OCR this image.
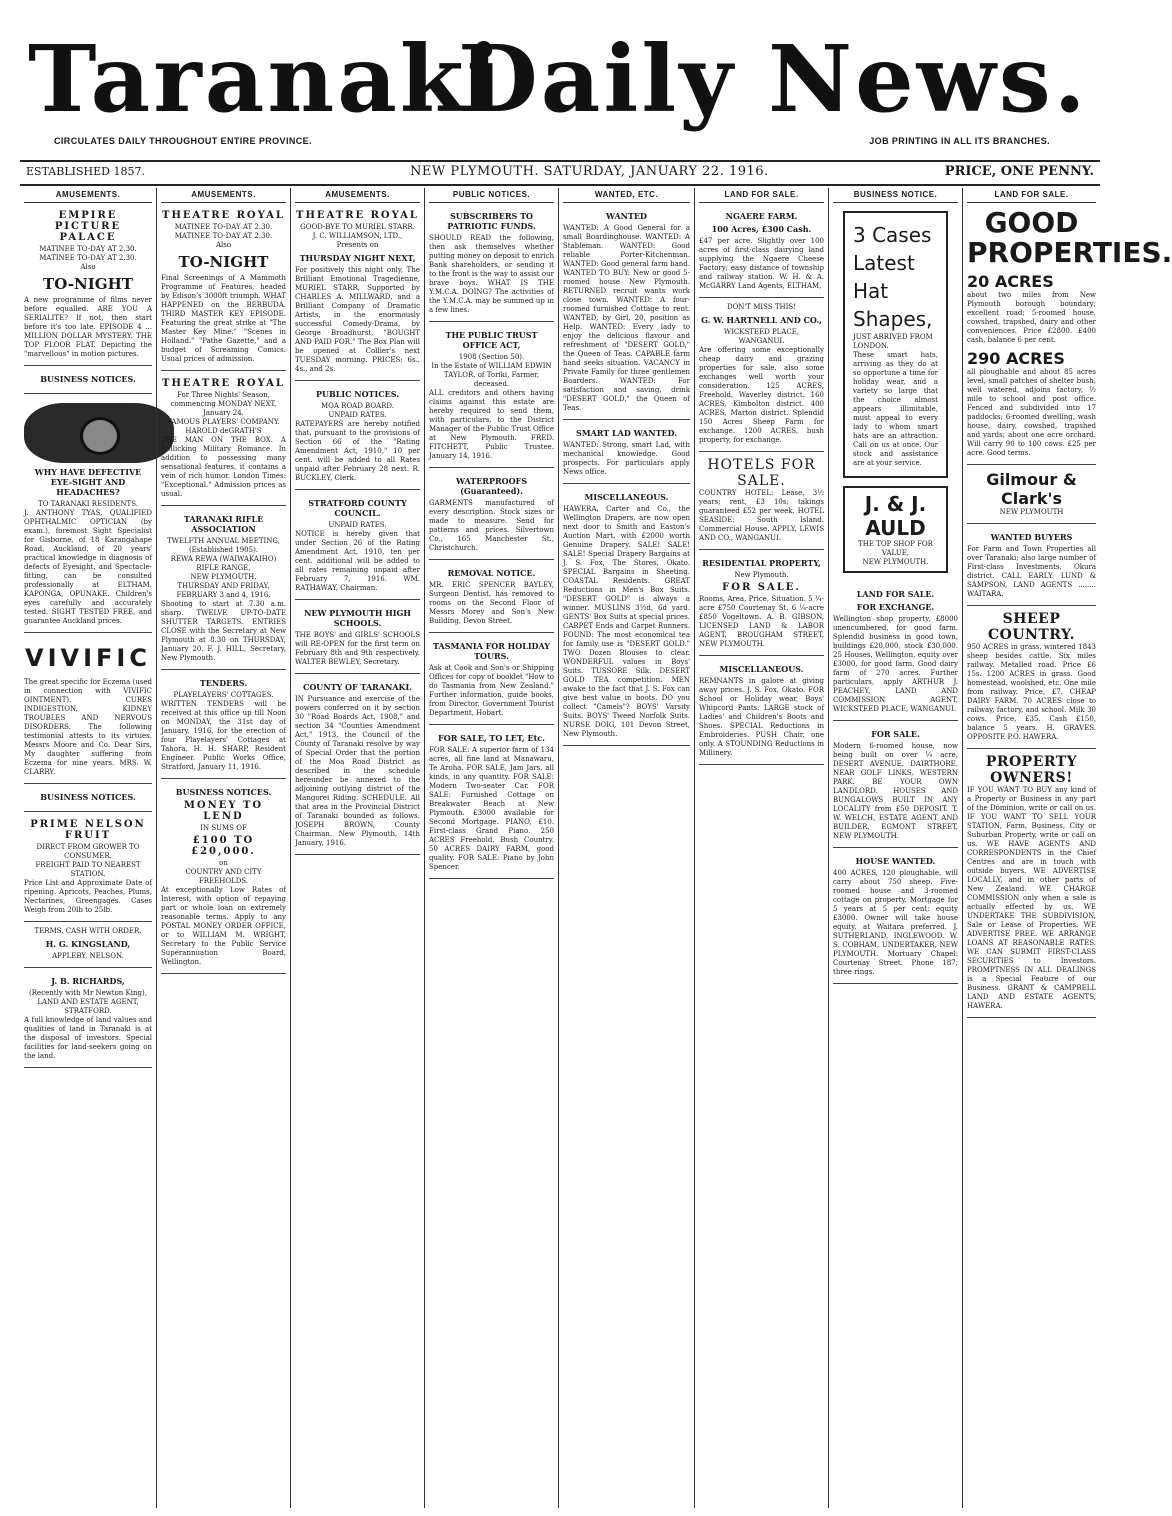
Taranaki
Daily News.
CIRCULATES DAILY THROUGHOUT ENTIRE PROVINCE.	JOB PRINTING IN ALL ITS BRANCHES.
ESTABLISHED 1857.	NEW PLYMOUTH. SATURDAY, JANUARY 22. 1916.	PRICE, ONE PENNY.
AMUSEMENTS.
EMPIRE PICTURE PALACE
MATINEE TO-DAY AT 2.30.
MATINEE TO-DAY AT 2.30.
Also
TO-NIGHT
A new programme of films never before equalled. ARE YOU A SERIALITE? If not, then start before it's too late. EPISODE 4 ... MILLION DOLLAR MYSTERY. THE TOP FLOOR FLAT. Depicting the "marvellous" in motion pictures.
BUSINESS NOTICES.
WHY HAVE DEFECTIVE EYE-SIGHT AND HEADACHES?
TO TARANAKI RESIDENTS.
J. ANTHONY TYAS, QUALIFIED OPHTHALMIC OPTICIAN (by exam.), foremost Sight Specialist for Gisborne, of 18 Karangahape Road, Auckland, of 20 years' practical knowledge in diagnosis of defects of Eyesight, and Spectacle-fitting, can be consulted professionally at ELTHAM, KAPONGA, OPUNAKE. Children's eyes carefully and accurately tested. SIGHT TESTED FREE, and guarantee Auckland prices.
VIVIFIC
The great specific for Eczema (used in connection with VIVIFIC OINTMENT). CURES INDIGESTION, KIDNEY TROUBLES AND NERVOUS DISORDERS. The following testimonial attests to its virtues. Messrs Moore and Co. Dear Sirs, My daughter suffering from Eczema for nine years. MRS. W. CLARRY.
BUSINESS NOTICES.
PRIME NELSON FRUIT
DIRECT FROM GROWER TO CONSUMER.
FREIGHT PAID TO NEAREST STATION.
Price List and Approximate Date of ripening. Apricots, Peaches, Plums, Nectarines, Greengages. Cases Weigh from 20lb to 25lb.
TERMS, CASH WITH ORDER.
H. G. KINGSLAND,
APPLEBY, NELSON.
J. B. RICHARDS,
(Recently with Mr Newton King),
LAND AND ESTATE AGENT,
STRATFORD.
A full knowledge of land values and qualities of land in Taranaki is at the disposal of investors. Special facilities for land-seekers going on the land.
AMUSEMENTS.
THEATRE ROYAL
MATINEE TO-DAY AT 2.30.
MATINEE TO-DAY AT 2.30.
Also
TO-NIGHT
Final Screenings of A Mammoth Programme of Features, headed by Edison's 3000ft triumph. WHAT HAPPENED on the BERBUDA. THIRD MASTER KEY EPISODE. Featuring the great strike at "The Master Key Mine." "Scenes in Holland." "Pathe Gazette," and a budget of Screaming Comics. Usual prices of admission.
THEATRE ROYAL
For Three Nights' Season, commencing MONDAY NEXT, January 24.
FAMOUS PLAYERS' COMPANY.
HAROLD deGRATH'S
THE MAN ON THE BOX. A Rollicking Military Romance. In addition to possessing many sensational features, it contains a vein of rich humor. London Times: "Exceptional." Admission prices as usual.
TARANAKI RIFLE ASSOCIATION
TWELFTH ANNUAL MEETING,
(Established 1905).
REWA REWA (WAIWAKAIHO) RIFLE RANGE,
NEW PLYMOUTH,
THURSDAY AND FRIDAY,
FEBRUARY 3 and 4, 1916.
Shooting to start at 7.30 a.m. sharp. TWELVE UP-TO-DATE SHUTTER TARGETS. ENTRIES CLOSE with the Secretary at New Plymouth at 8.30 on THURSDAY, January 20. F. J. HILL, Secretary, New Plymouth.
TENDERS.
PLAYELAYERS' COTTAGES.
WRITTEN TENDERS will be received at this office up till Noon on MONDAY, the 31st day of January, 1916, for the erection of four Playelayers' Cottages at Tahora. H. H. SHARP, Resident Engineer. Public Works Office, Stratford, January 11, 1916.
BUSINESS NOTICES.
MONEY TO LEND
IN SUMS OF
£100 TO £20,000.
on
COUNTRY AND CITY FREEHOLDS.
At exceptionally Low Rates of Interest, with option of repaying part or whole loan on extremely reasonable terms. Apply to any POSTAL MONEY ORDER OFFICE, or to WILLIAM M. WRIGHT, Secretary to the Public Service Superannuation Board, Wellington.
AMUSEMENTS.
THEATRE ROYAL
GOOD-BYE TO MURIEL STARR.
J. C. WILLIAMSON, LTD.,
Presents on
THURSDAY NIGHT NEXT,
For positively this night only, The Brilliant Emotional Tragedienne, MURIEL STARR, Supported by CHARLES A. MILLWARD, and a Brilliant Company of Dramatic Artists, in the enormously successful Comedy-Drama, by George Broadhurst, "BOUGHT AND PAID FOR." The Box Plan will be opened at Collier's next TUESDAY morning. PRICES: 6s., 4s., and 2s.
PUBLIC NOTICES.
MOA ROAD BOARD.
UNPAID RATES.
RATEPAYERS are hereby notified that, pursuant to the provisions of Section 66 of the "Rating Amendment Act, 1910," 10 per cent. will be added to all Rates unpaid after February 28 next. R. BUCKLEY, Clerk.
STRATFORD COUNTY COUNCIL.
UNPAID RATES.
NOTICE is hereby given that under Section 26 of the Rating Amendment Act, 1910, ten per cent. additional will be added to all rates remaining unpaid after February 7, 1916. WM. RATHAWAY, Chairman.
NEW PLYMOUTH HIGH SCHOOLS.
THE BOYS' and GIRLS' SCHOOLS will RE-OPEN for the first term on February 8th and 9th respectively. WALTER BEWLEY, Secretary.
COUNTY OF TARANAKI.
IN Pursuance and exercise of the powers conferred on it by section 30 "Road Boards Act, 1908," and section 34 "Counties Amendment Act," 1913, the Council of the County of Taranaki resolve by way of Special Order that the portion of the Moa Road District as described in the schedule hereunder be annexed to the adjoining outlying district of the Mangorei Riding. SCHEDULE. All that area in the Provincial District of Taranaki bounded as follows. JOSEPH BROWN, County Chairman. New Plymouth, 14th January, 1916.
PUBLIC NOTICES.
SUBSCRIBERS TO PATRIOTIC FUNDS.
SHOULD READ the following, then ask themselves whether putting money on deposit to enrich Bank shareholders, or sending it to the front is the way to assist our brave boys. WHAT IS THE Y.M.C.A. DOING? The activities of the Y.M.C.A. may be summed up in a few lines.
THE PUBLIC TRUST OFFICE ACT,
1908 (Section 50).
In the Estate of WILLIAM EDWIN TAYLOR, of Toriki, Farmer, deceased.
ALL creditors and others having claims against this estate are hereby required to send them, with particulars, to the District Manager of the Public Trust Office at New Plymouth. FRED. FITCHETT, Public Trustee. January 14, 1916.
WATERPROOFS (Guaranteed).
GARMENTS manufactured of every description. Stock sizes or made to measure. Send for patterns and prices. Silvertown Co., 165 Manchester St., Christchurch.
REMOVAL NOTICE.
MR. ERIC SPENCER BAYLEY, Surgeon Dentist, has removed to rooms on the Second Floor of Messrs Morey and Son's New Building, Devon Street.
TASMANIA FOR HOLIDAY TOURS.
Ask at Cook and Son's or Shipping Offices for copy of booklet "How to do Tasmania from New Zealand." Further information, guide books, from Director, Government Tourist Department, Hobart.
FOR SALE, TO LET, Etc.
FOR SALE: A superior farm of 134 acres, all fine land at Manawaru, Te Aroha. FOR SALE, Jam Jars, all kinds, in any quantity. FOR SALE: Modern Two-seater Car. FOR SALE: Furnished Cottage on Breakwater Beach at New Plymouth. £3000 available for Second Mortgage. PIANO, £10. First-class Grand Piano. 250 ACRES Freehold, Bush Country. 50 ACRES DAIRY FARM, good quality. FOR SALE: Piano by John Spencer.
WANTED, ETC.
WANTED
WANTED: A Good General for a small Boardinghouse. WANTED: A Stableman. WANTED: Good reliable Porter-Kitchenman. WANTED: Good general farm hand. WANTED TO BUY: New or good 5-roomed house New Plymouth. RETURNED recruit wants work close town. WANTED: A four-roomed furnished Cottage to rent. WANTED, by Girl, 20, position as Help. WANTED: Every lady to enjoy the delicious flavour and refreshment of "DESERT GOLD," the Queen of Teas. CAPABLE farm hand seeks situation. VACANCY in Private Family for three gentlemen Boarders. WANTED: For satisfaction and saving, drink "DESERT GOLD," the Queen of Teas.
SMART LAD WANTED.
WANTED: Strong, smart Lad, with mechanical knowledge. Good prospects. For particulars apply News office.
MISCELLANEOUS.
HAWERA, Carter and Co., the Wellington Drapers, are now open next door to Smith and Easton's Auction Mart, with £2000 worth Genuine Drapery. SALE! SALE! SALE! Special Drapery Bargains at J. S. Fox, The Stores, Okato. SPECIAL Bargains in Sheeting. COASTAL Residents. GREAT Reductions in Men's Box Suits. "DESERT GOLD" is always a winner. MUSLINS 3½d, 6d yard. GENTS' Box Suits at special prices. CARPET Ends and Carpet Runners. FOUND: The most economical tea for family use is "DESERT GOLD." TWO Dozen Blouses to clear. WONDERFUL values in Boys' Suits. TUSSORE Silk. DESERT GOLD TEA competition. MEN awake to the fact that J. S. Fox can give best value in boots. DO you collect "Camels"? BOYS' Varsity Suits. BOYS' Tweed Norfolk Suits. NURSE DOIG, 101 Devon Street, New Plymouth.
LAND FOR SALE.
NGAERE FARM.
100 Acres, £300 Cash.
£47 per acre. Slightly over 100 acres of first-class dairying land supplying the Ngaere Cheese Factory; easy distance of township and railway station. W. H. & A. McGARRY Land Agents, ELTHAM,
DON'T MISS THIS!
G. W. HARTNELL AND CO.,
WICKSTEED PLACE,
WANGANUI.
Are offering some exceptionally cheap dairy and grazing properties for sale, also some exchanges well worth your consideration. 125 ACRES, Freehold, Waverley district. 160 ACRES, Kimbolton district. 400 ACRES, Marton district. Splendid 150 Acres Sheep Farm for exchange. 1200 ACRES, bush property, for exchange.
HOTELS FOR SALE.
COUNTRY HOTEL: Lease, 3½ years; rent, £3 10s; takings guaranteed £52 per week. HOTEL SEASIDE: South Island. Commercial House. APPLY, LEWIS AND CO., WANGANUI.
RESIDENTIAL PROPERTY,
New Plymouth.
FOR SALE.
Rooms, Area, Price, Situation. 5 ¼-acre £750 Courtenay St. 6 ¼-acre £850 Vogeltown. A. B. GIBSON, LICENSED LAND & LABOR AGENT, BROUGHAM STREET, NEW PLYMOUTH.
MISCELLANEOUS.
REMNANTS in galore at giving away prices. J. S. Fox, Okato. FOR School or Holiday wear, Boys' Whipcord Pants. LARGE stock of Ladies' and Children's Boots and Shoes. SPECIAL Reductions in Embroideries. PUSH Chair, one only. A STOUNDING Reductions in Millinery.
BUSINESS NOTICE.
3 Cases Latest Hat Shapes,
JUST ARRIVED FROM LONDON.
These smart hats, arriving as they do at so opportune a time for holiday wear, and a variety so large that the choice almost appears illimitable, must appeal to every lady to whom smart hats are an attraction. Call on us at once. Our stock and assistance are at your service.
J. & J. AULD
THE TOP SHOP FOR VALUE,
NEW PLYMOUTH.
LAND FOR SALE.
FOR EXCHANGE.
Wellington shop property, £8000 unencumbered, for good farm. Splendid business in good town, buildings £20,000, stock £30,000. 25 Houses, Wellington, equity over £3000, for good farm. Good dairy farm of 270 acres. Further particulars, apply ARTHUR J. PEACHEY, LAND AND COMMISSION AGENT, WICKSTEED PLACE, WANGANUI.
FOR SALE.
Modern 6-roomed house, now being built on over ¼ acre, DESERT AVENUE, DAIRTHORE. NEAR GOLF LINKS, WESTERN PARK. BE YOUR OWN LANDLORD. HOUSES AND BUNGALOWS BUILT IN ANY LOCALITY from £50 DEPOSIT. T. W. WELCH, ESTATE AGENT AND BUILDER, EGMONT STREET, NEW PLYMOUTH.
HOUSE WANTED.
400 ACRES, 120 ploughable, will carry about 750 sheep. Five-roomed house and 3-roomed cottage on property. Mortgage for 5 years at 5 per cent; equity £3000. Owner will take house equity, at Waitara preferred. J. SUTHERLAND, INGLEWOOD. W. S. COBHAM, UNDERTAKER, NEW PLYMOUTH. Mortuary Chapel: Courtenay Street. Phone 187; three rings.
LAND FOR SALE.
GOOD PROPERTIES.
20 ACRES
about two miles from New Plymouth borough boundary; excellent road; 5-roomed house, cowshed, trapshed, dairy and other conveniences. Price £2800. £400 cash, balance 6 per cent.
290 ACRES
all ploughable and about 85 acres level, small patches of shelter bush, well watered, adjoins factory, ½ mile to school and post office. Fenced and subdivided into 17 paddocks; 6-roomed dwelling, wash house, dairy, cowshed, trapshed and yards; about one acre orchard. Will carry 90 to 100 cows. £25 per acre. Good terms.
Gilmour & Clark's
NEW PLYMOUTH
WANTED BUYERS
For Farm and Town Properties all over Taranaki; also large number of First-class Investments, Okura district. CALL EARLY. LUND & SAMPSON, LAND AGENTS ........ WAITARA.
SHEEP COUNTRY.
950 ACRES in grass, wintered 1843 sheep besides cattle. Six miles railway. Metalled road. Price £6 15s. 1200 ACRES in grass. Good homestead, woolshed, etc. One mile from railway. Price, £7. CHEAP DAIRY FARM. 70 ACRES close to railway, factory, and school. Milk 30 cows. Price, £35. Cash £150, balance 5 years. H. GRAVES. OPPOSITE P.O. HAWERA.
PROPERTY OWNERS!
IF YOU WANT TO BUY any kind of a Property or Business in any part of the Dominion, write or call on us. IF YOU WANT TO SELL YOUR STATION, Farm, Business, City or Suburban Property, write or call on us. WE HAVE AGENTS AND CORRESPONDENTS in the Chief Centres and are in touch with outside buyers. WE ADVERTISE LOCALLY, and in other parts of New Zealand. WE CHARGE COMMISSION only when a sale is actually effected by us. WE UNDERTAKE THE SUBDIVISION, Sale or Lease of Properties. WE ADVERTISE FREE. WE ARRANGE LOANS AT REASONABLE RATES. WE CAN SUBMIT FIRST-CLASS SECURITIES to Investors. PROMPTNESS IN ALL DEALINGS is a Special Feature of our Business. GRANT & CAMPBELL LAND AND ESTATE AGENTS, HAWERA.
